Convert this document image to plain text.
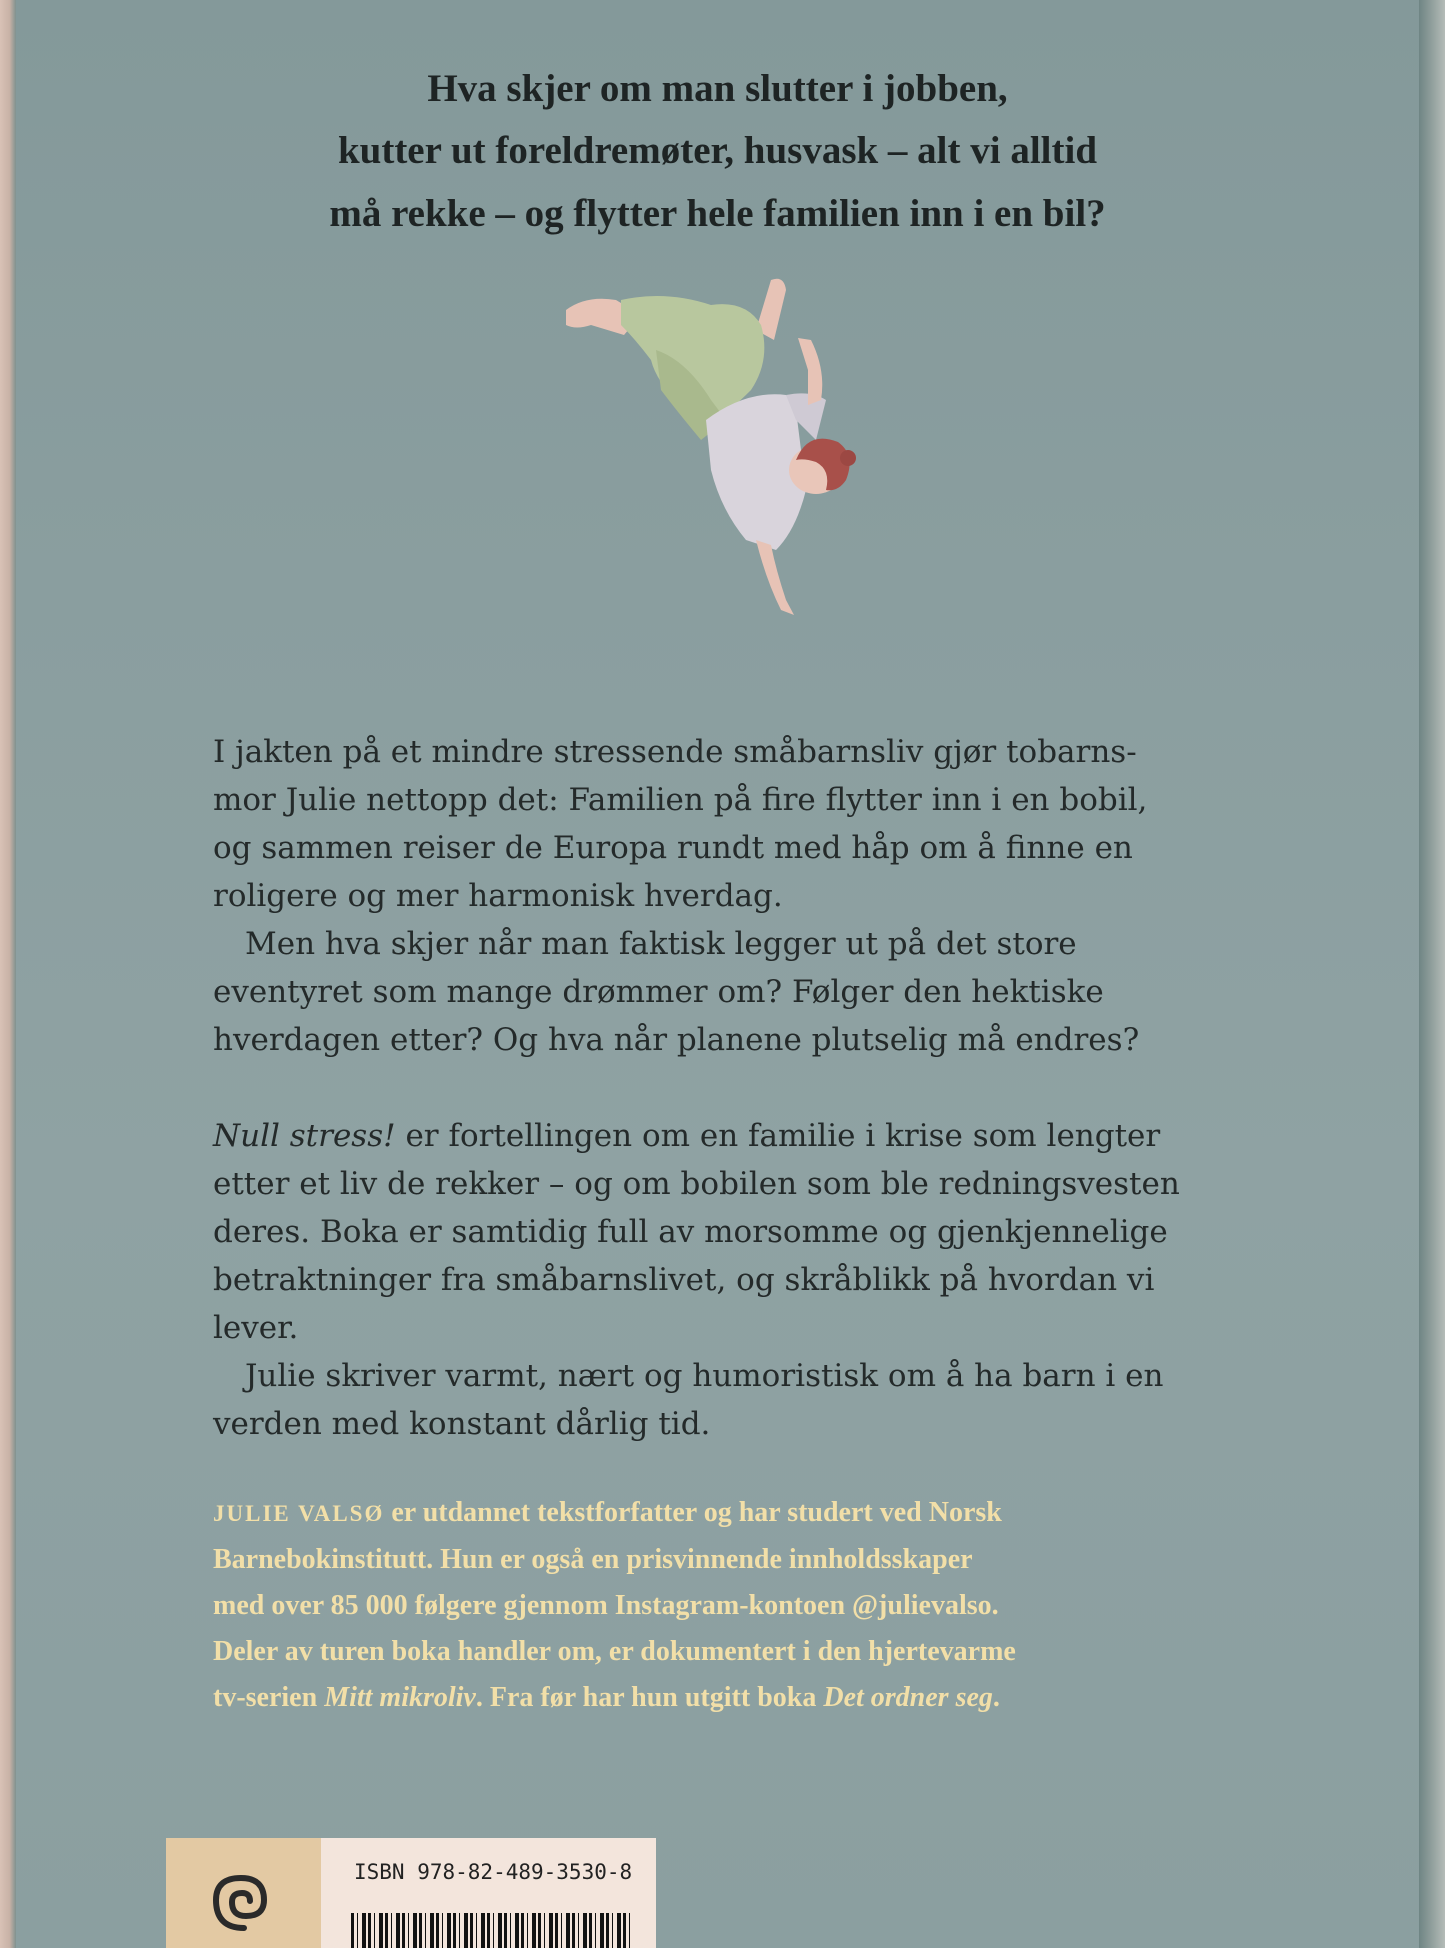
Hva skjer om man slutter i jobben,
kutter ut foreldremøter, husvask – alt vi alltid
må rekke – og flytter hele familien inn i en bil?

I jakten på et mindre stressende småbarnsliv gjør tobarns-

mor Julie nettopp det: Familien på fire flytter inn i en bobil,

og sammen reiser de Europa rundt med håp om å finne en

roligere og mer harmonisk hverdag.

Men hva skjer når man faktisk legger ut på det store

eventyret som mange drømmer om? Følger den hektiske

hverdagen etter? Og hva når planene plutselig må endres?

Null stress! er fortellingen om en familie i krise som lengter

etter et liv de rekker – og om bobilen som ble redningsvesten

deres. Boka er samtidig full av morsomme og gjenkjennelige

betraktninger fra småbarnslivet, og skråblikk på hvordan vi

lever.

Julie skriver varmt, nært og humoristisk om å ha barn i en

verden med konstant dårlig tid.

JULIE VALSØ er utdannet tekstforfatter og har studert ved Norsk
Barnebokinstitutt. Hun er også en prisvinnende innholdsskaper
med over 85 000 følgere gjennom Instagram-kontoen @julievalso.
Deler av turen boka handler om, er dokumentert i den hjertevarme
tv-serien Mitt mikroliv. Fra før har hun utgitt boka Det ordner seg.
ISBN 978-82-489-3530-8
